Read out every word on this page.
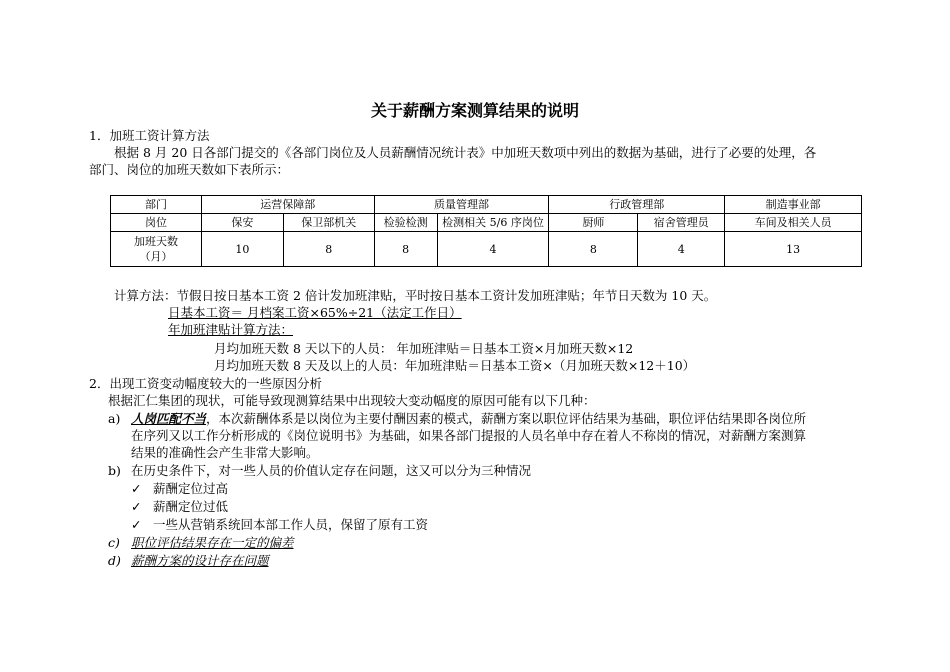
关于薪酬方案测算结果的说明
1．加班工资计算方法
根据 8 月 20 日各部门提交的《各部门岗位及人员薪酬情况统计表》中加班天数项中列出的数据为基础，进行了必要的处理，各
部门、岗位的加班天数如下表所示：
部门	运营保障部		质量管理部		行政管理部		制造事业部
岗位	保安	保卫部机关	检验检测	检测相关 5/6 序岗位	厨师	宿舍管理员	车间及相关人员
加班天数
（月）	10	8	8	4	8	4	13
计算方法：节假日按日基本工资 2 倍计发加班津贴，平时按日基本工资计发加班津贴；年节日天数为 10 天。
日基本工资＝ 月档案工资×65%÷21（法定工作日）
年加班津贴计算方法：
月均加班天数 8 天以下的人员： 年加班津贴＝日基本工资×月加班天数×12
月均加班天数 8 天及以上的人员：年加班津贴＝日基本工资×（月加班天数×12＋10）
2．出现工资变动幅度较大的一些原因分析
根据汇仁集团的现状，可能导致现测算结果中出现较大变动幅度的原因可能有以下几种：
a) 人岗匹配不当，本次薪酬体系是以岗位为主要付酬因素的模式，薪酬方案以职位评估结果为基础，职位评估结果即各岗位所
在序列又以工作分析形成的《岗位说明书》为基础，如果各部门提报的人员名单中存在着人不称岗的情况，对薪酬方案测算
结果的准确性会产生非常大影响。
b) 在历史条件下，对一些人员的价值认定存在问题，这又可以分为三种情况
✓ 薪酬定位过高
✓ 薪酬定位过低
✓ 一些从营销系统回本部工作人员，保留了原有工资
c) 职位评估结果存在一定的偏差
d) 薪酬方案的设计存在问题
